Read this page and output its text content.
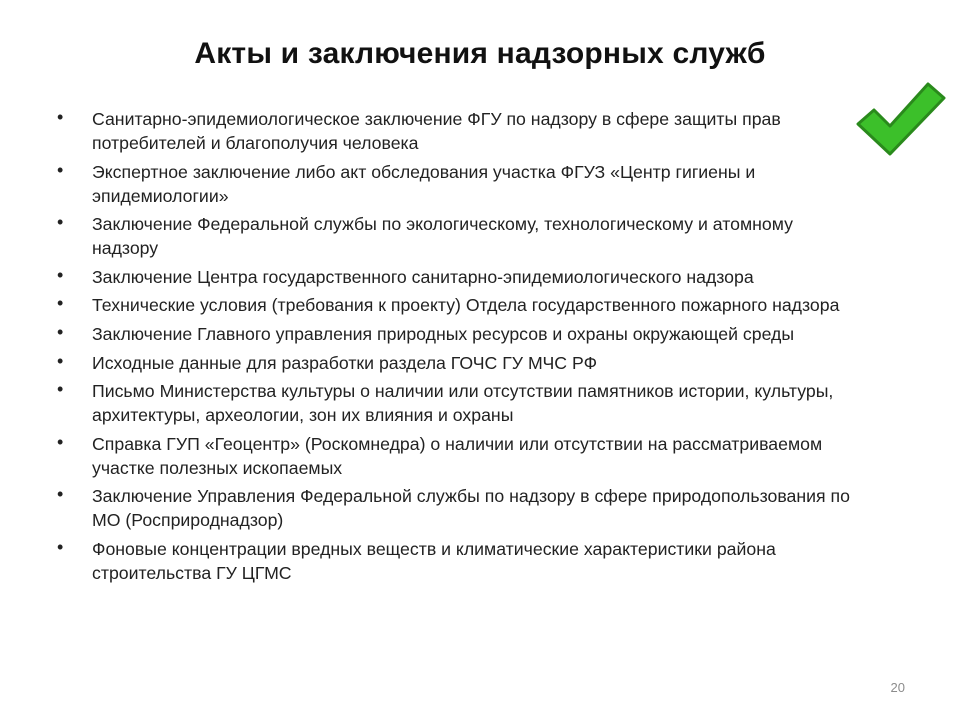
Акты и заключения надзорных служб
• Санитарно-эпидемиологическое заключение ФГУ по надзору в сфере защиты прав потребителей и благополучия человека
• Экспертное заключение либо акт обследования участка ФГУЗ «Центр гигиены и эпидемиологии»
• Заключение Федеральной службы по экологическому, технологическому и атомному надзору
• Заключение Центра государственного санитарно-эпидемиологического надзора
• Технические условия (требования к проекту) Отдела государственного пожарного надзора
• Заключение Главного управления природных ресурсов и охраны окружающей среды
• Исходные данные для разработки раздела ГОЧС ГУ МЧС РФ
• Письмо Министерства культуры о наличии или отсутствии памятников истории, культуры, архитектуры, археологии, зон их влияния и охраны
• Справка ГУП «Геоцентр» (Роскомнедра) о наличии или отсутствии на рассматриваемом участке полезных ископаемых
• Заключение Управления Федеральной службы по надзору в сфере природопользования по МО (Росприроднадзор)
• Фоновые концентрации вредных веществ и климатические характеристики района строительства ГУ ЦГМС
20
